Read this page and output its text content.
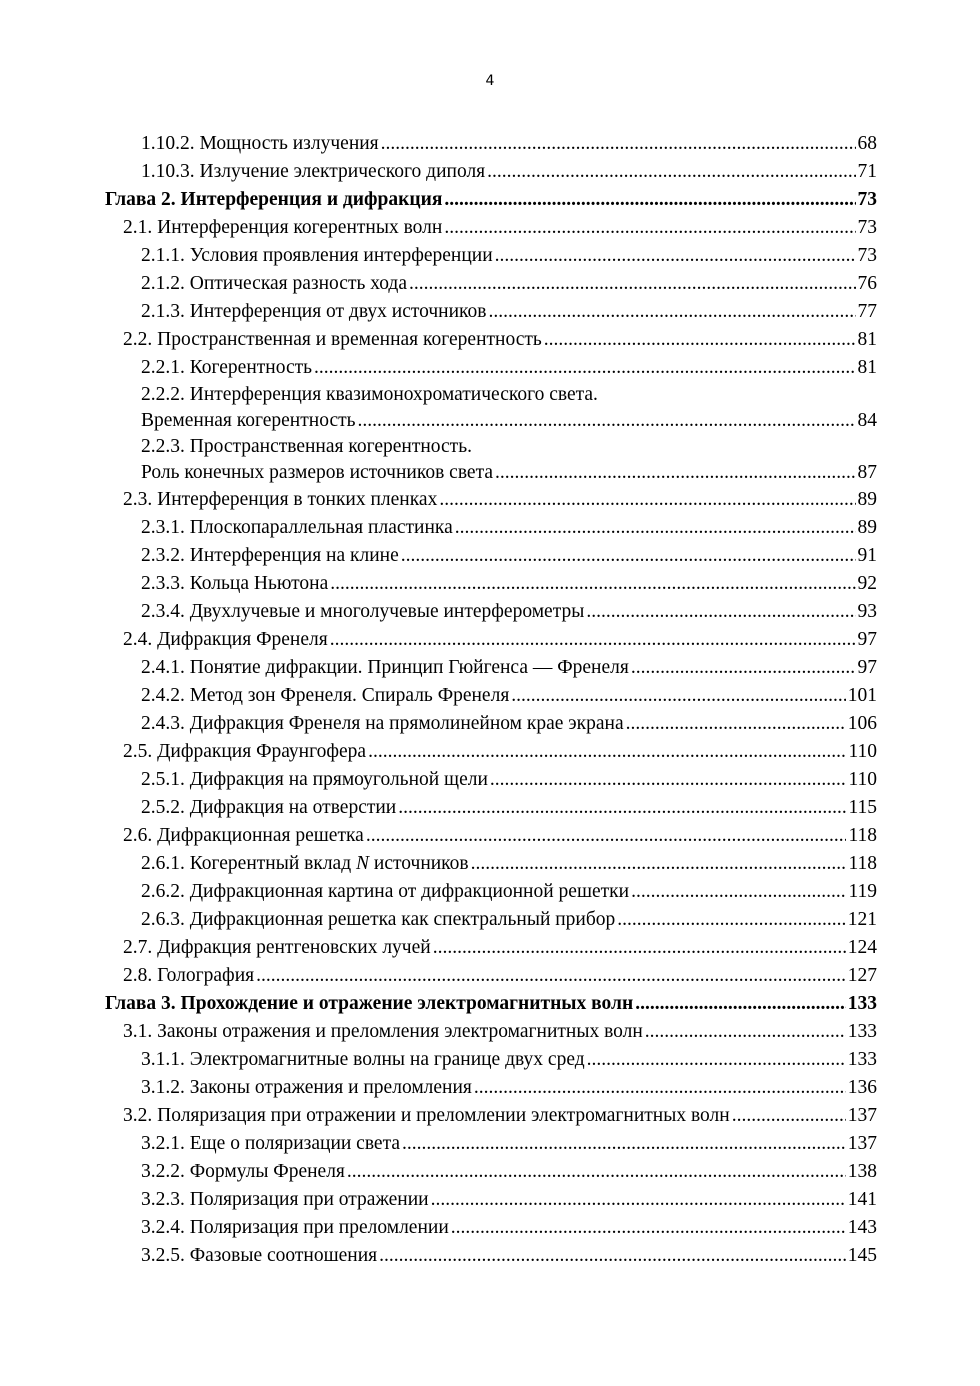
4
1.10.2. Мощность излучения .....	68
1.10.3. Излучение электрического диполя .....	71
Глава 2. Интерференция и дифракция .....	73
2.1. Интерференция когерентных волн .....	73
2.1.1. Условия проявления интерференции .....	73
2.1.2. Оптическая разность хода .....	76
2.1.3. Интерференция от двух источников .....	77
2.2. Пространственная и временная когерентность .....	81
2.2.1. Когерентность .....	81
2.2.2. Интерференция квазимонохроматического света.
Временная когерентность .....	84
2.2.3. Пространственная когерентность.
Роль конечных размеров источников света .....	87
2.3. Интерференция в тонких пленках .....	89
2.3.1. Плоскопараллельная пластинка .....	89
2.3.2. Интерференция на клине .....	91
2.3.3. Кольца Ньютона .....	92
2.3.4. Двухлучевые и многолучевые интерферометры .....	93
2.4. Дифракция Френеля .....	97
2.4.1. Понятие дифракции. Принцип Гюйгенса — Френеля .....	97
2.4.2. Метод зон Френеля. Спираль Френеля .....	101
2.4.3. Дифракция Френеля на прямолинейном крае экрана .....	106
2.5. Дифракция Фраунгофера .....	110
2.5.1. Дифракция на прямоугольной щели .....	110
2.5.2. Дифракция на отверстии .....	115
2.6. Дифракционная решетка .....	118
2.6.1. Когерентный вклад N источников .....	118
2.6.2. Дифракционная картина от дифракционной решетки .....	119
2.6.3. Дифракционная решетка как спектральный прибор .....	121
2.7. Дифракция рентгеновских лучей .....	124
2.8. Голография .....	127
Глава 3. Прохождение и отражение электромагнитных волн .....	133
3.1. Законы отражения и преломления электромагнитных волн .....	133
3.1.1. Электромагнитные волны на границе двух сред .....	133
3.1.2. Законы отражения и преломления .....	136
3.2. Поляризация при отражении и преломлении электромагнитных волн .....	137
3.2.1. Еще о поляризации света .....	137
3.2.2. Формулы Френеля .....	138
3.2.3. Поляризация при отражении .....	141
3.2.4. Поляризация при преломлении .....	143
3.2.5. Фазовые соотношения .....	145
